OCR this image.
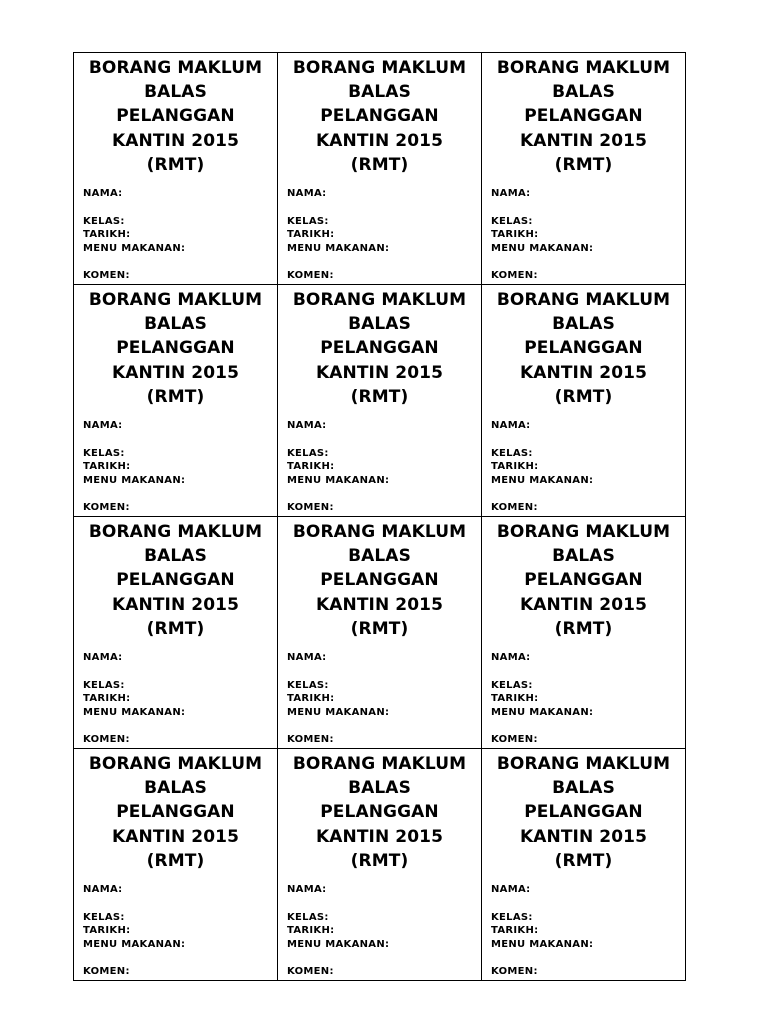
BORANG MAKLUM
BALAS
PELANGGAN
KANTIN 2015
(RMT)
NAMA:
KELAS:
TARIKH:
MENU MAKANAN:
KOMEN:
BORANG MAKLUM
BALAS
PELANGGAN
KANTIN 2015
(RMT)
NAMA:
KELAS:
TARIKH:
MENU MAKANAN:
KOMEN:
BORANG MAKLUM
BALAS
PELANGGAN
KANTIN 2015
(RMT)
NAMA:
KELAS:
TARIKH:
MENU MAKANAN:
KOMEN:
BORANG MAKLUM
BALAS
PELANGGAN
KANTIN 2015
(RMT)
NAMA:
KELAS:
TARIKH:
MENU MAKANAN:
KOMEN:
BORANG MAKLUM
BALAS
PELANGGAN
KANTIN 2015
(RMT)
NAMA:
KELAS:
TARIKH:
MENU MAKANAN:
KOMEN:
BORANG MAKLUM
BALAS
PELANGGAN
KANTIN 2015
(RMT)
NAMA:
KELAS:
TARIKH:
MENU MAKANAN:
KOMEN:
BORANG MAKLUM
BALAS
PELANGGAN
KANTIN 2015
(RMT)
NAMA:
KELAS:
TARIKH:
MENU MAKANAN:
KOMEN:
BORANG MAKLUM
BALAS
PELANGGAN
KANTIN 2015
(RMT)
NAMA:
KELAS:
TARIKH:
MENU MAKANAN:
KOMEN:
BORANG MAKLUM
BALAS
PELANGGAN
KANTIN 2015
(RMT)
NAMA:
KELAS:
TARIKH:
MENU MAKANAN:
KOMEN:
BORANG MAKLUM
BALAS
PELANGGAN
KANTIN 2015
(RMT)
NAMA:
KELAS:
TARIKH:
MENU MAKANAN:
KOMEN:
BORANG MAKLUM
BALAS
PELANGGAN
KANTIN 2015
(RMT)
NAMA:
KELAS:
TARIKH:
MENU MAKANAN:
KOMEN:
BORANG MAKLUM
BALAS
PELANGGAN
KANTIN 2015
(RMT)
NAMA:
KELAS:
TARIKH:
MENU MAKANAN:
KOMEN:
